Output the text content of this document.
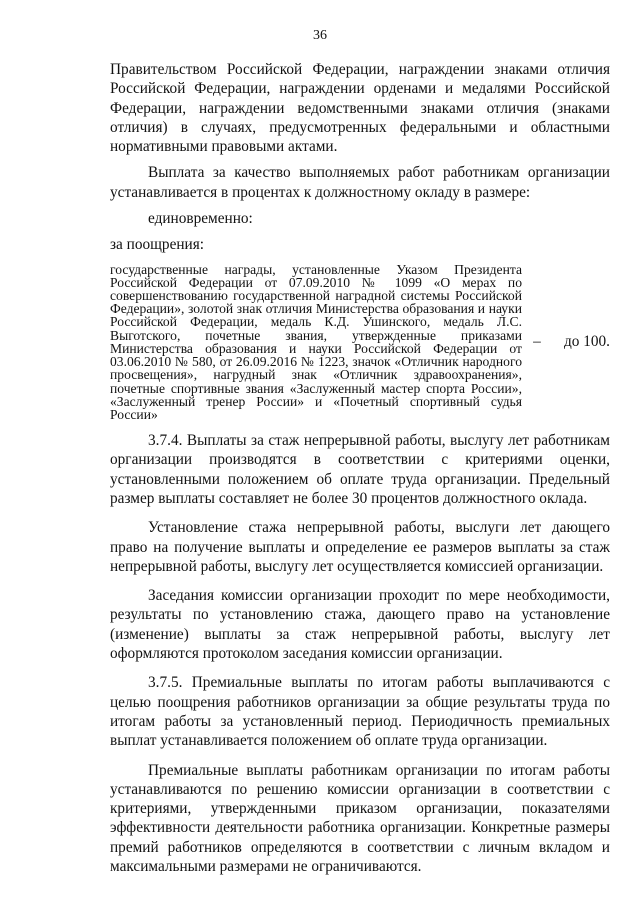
36

Правительством Российской Федерации, награждении знаками отличия Российской Федерации, награждении орденами и медалями Российской Федерации, награждении ведомственными знаками отличия (знаками отличия) в случаях, предусмотренных федеральными и областными нормативными правовыми актами.

Выплата за качество выполняемых работ работникам организации устанавливается в процентах к должностному окладу в размере:

единовременно:

за поощрения:

государственные награды, установленные Указом Президента Российской Федерации от 07.09.2010 № 1099 «О мерах по совершенствованию государственной наградной системы Российской Федерации», золотой знак отличия Министерства образования и науки Российской Федерации, медаль К.Д. Ушинского, медаль Л.С. Выготского, почетные звания, утвержденные приказами Министерства образования и науки Российской Федерации от 03.06.2010 № 580, от 26.09.2016 № 1223, значок «Отличник народного просвещения», нагрудный знак «Отличник здравоохранения», почетные спортивные звания «Заслуженный мастер спорта России», «Заслуженный тренер России» и «Почетный спортивный судья России»
–	до 100.

3.7.4. Выплаты за стаж непрерывной работы, выслугу лет работникам организации производятся в соответствии с критериями оценки, установленными положением об оплате труда организации. Предельный размер выплаты составляет не более 30 процентов должностного оклада.

Установление стажа непрерывной работы, выслуги лет дающего право на получение выплаты и определение ее размеров выплаты за стаж непрерывной работы, выслугу лет осуществляется комиссией организации.

Заседания комиссии организации проходит по мере необходимости, результаты по установлению стажа, дающего право на установление (изменение) выплаты за стаж непрерывной работы, выслугу лет оформляются протоколом заседания комиссии организации.

3.7.5. Премиальные выплаты по итогам работы выплачиваются с целью поощрения работников организации за общие результаты труда по итогам работы за установленный период. Периодичность премиальных выплат устанавливается положением об оплате труда организации.

Премиальные выплаты работникам организации по итогам работы устанавливаются по решению комиссии организации в соответствии с критериями, утвержденными приказом организации, показателями эффективности деятельности работника организации. Конкретные размеры премий работников определяются в соответствии с личным вкладом и максимальными размерами не ограничиваются.
